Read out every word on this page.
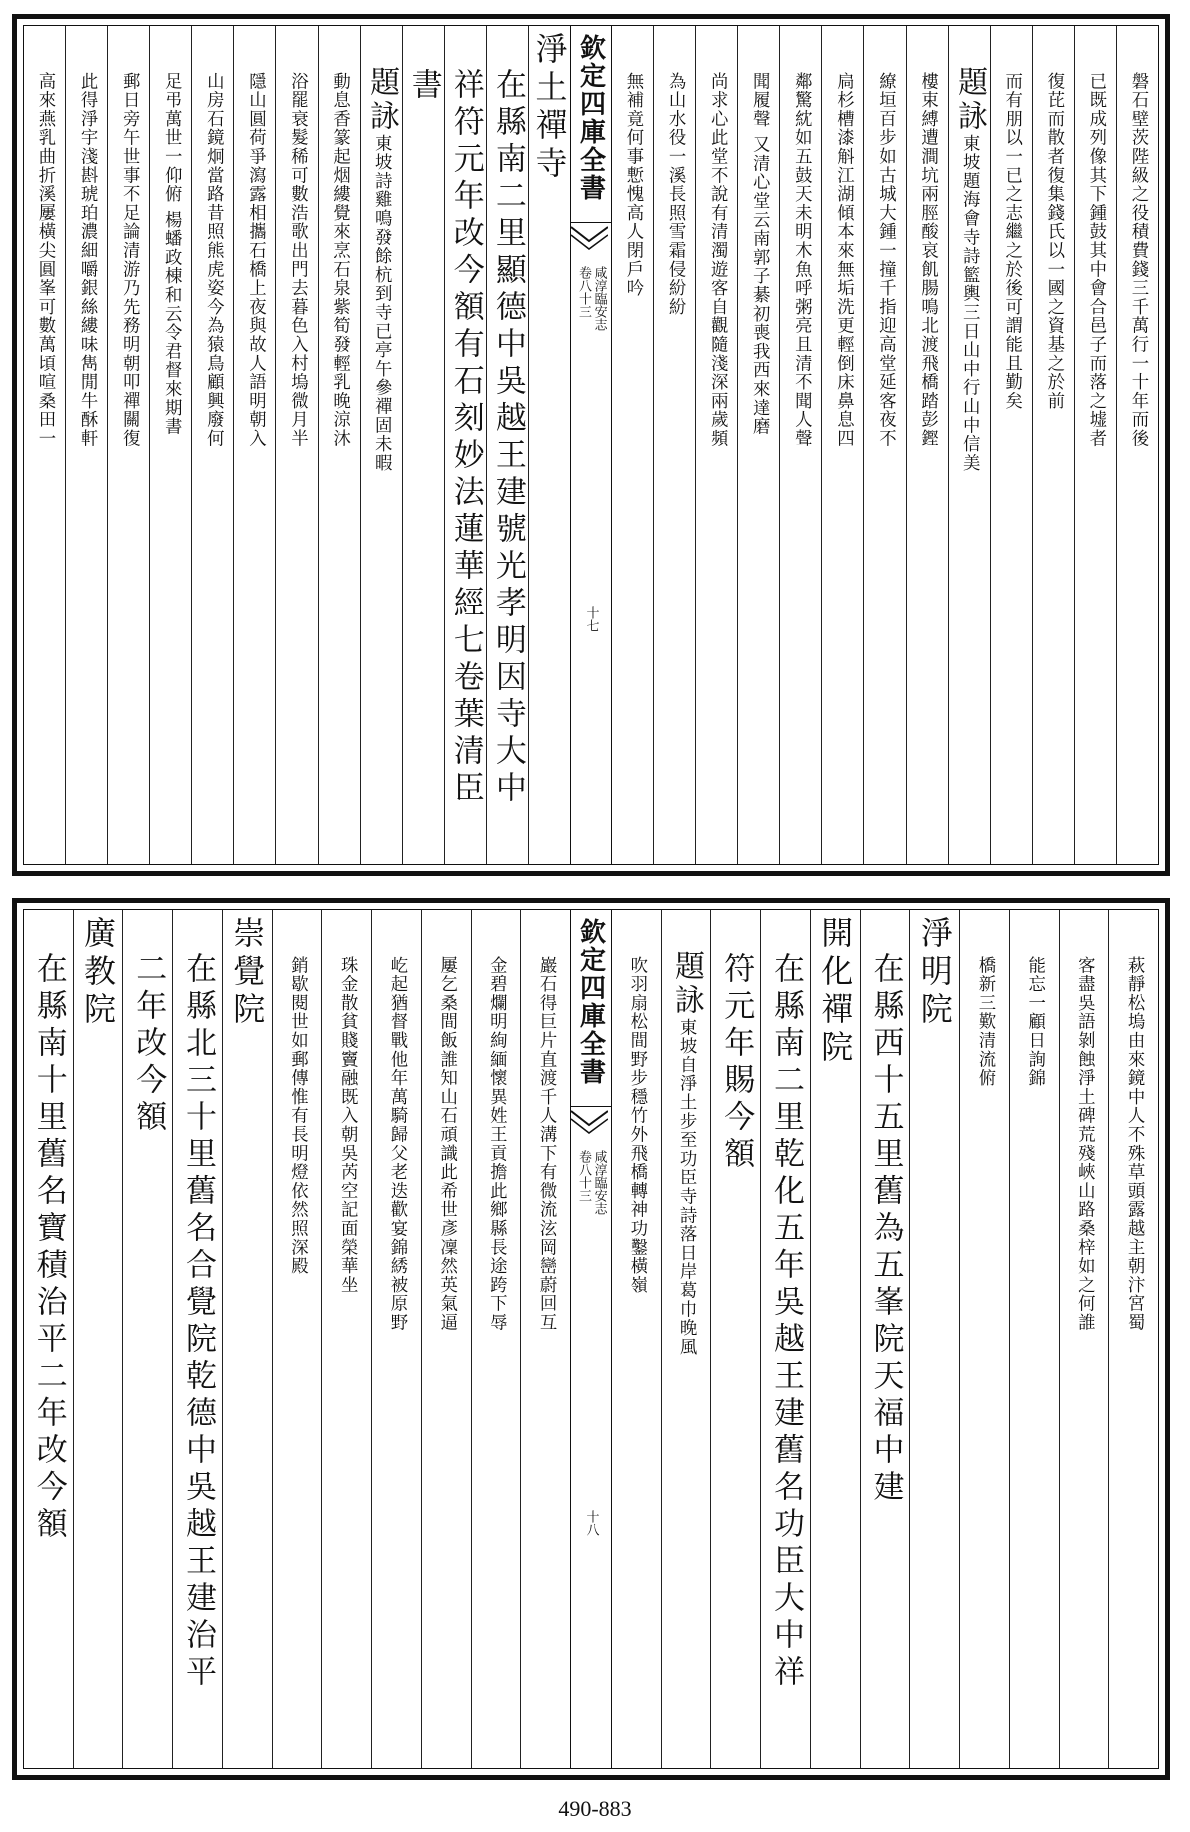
磐石壁茨陛級之役積費錢三千萬行一十年而後
已既成列像其下鍾鼓其中會合邑子而落之墟者
復芘而散者復集錢氏以一國之資基之於前
而有朋以一已之志繼之於後可謂能且勤矣
題詠東坡題海會寺詩籃輿三日山中行山中信美
樓束縛遭澗坑兩脛酸哀飢腸鳴北渡飛橋踏彭鏗
繚垣百步如古城大鍾一撞千指迎高堂延客夜不
扃杉槽漆斛江湖傾本來無垢洗更輕倒床鼻息四
鄰驚紞如五鼓天未明木魚呼粥亮且清不聞人聲
聞履聲 又清心堂云南郭子綦初喪我西來達磨
尚求心此堂不說有清濁遊客自觀隨淺深兩歲頻
為山水役一溪長照雪霜侵紛紛
無補竟何事慙愧高人閉戶吟
欽定四庫全書
咸淳臨安志
卷八十三
十七
淨土禪寺
在縣南二里顯德中吳越王建號光孝明因寺大中
祥符元年改今額有石刻妙法蓮華經七卷葉清臣
書
題詠東坡詩雞鳴發餘杭到寺已亭午參禪固未暇
動息香篆起烟縷覺來烹石泉紫筍發輕乳晚涼沐
浴罷衰髮稀可數浩歌出門去暮色入村塢微月半
隱山圓荷爭瀉露相攜石橋上夜與故人語明朝入
山房石鏡炯當路昔照熊虎姿今為猿鳥顧興廢何
足弔萬世一仰俯 楊蟠政棟和云令君督來期書
郵日旁午世事不足論清游乃先務明朝叩禪關復
此得淨宇淺斟琥珀濃細嚼銀絲縷味雋閒牛酥軒
高來燕乳曲折溪屢橫尖圓峯可數萬頃喧桑田一
萩靜松塢由來鏡中人不殊草頭露越主朝汴宮蜀
客盡吳語剝蝕淨土碑荒殘峽山路桑梓如之何誰
能忘一顧日詢錦
橋新三歎清流俯
淨明院
在縣西十五里舊為五峯院天福中建
開化禪院
在縣南二里乾化五年吳越王建舊名功臣大中祥
符元年賜今額
題詠東坡自淨土步至功臣寺詩落日岸葛巾晚風
吹羽扇松間野步穩竹外飛橋轉神功鑿橫嶺
欽定四庫全書
咸淳臨安志
卷八十三
十八
巖石得巨片直渡千人溝下有微流泫岡巒蔚回互
金碧爛明絢緬懷異姓王貢擔此鄉縣長途跨下辱
屢乞桑間飯誰知山石頑識此希世彥凜然英氣逼
屹起猶督戰他年萬騎歸父老迭歡宴錦綉被原野
珠金散貧賤竇融既入朝吳芮空記面榮華坐
銷歇閱世如郵傳惟有長明燈依然照深殿
崇覺院
在縣北三十里舊名合覺院乾德中吳越王建治平
二年改今額
廣教院
在縣南十里舊名寶積治平二年改今額
490-883
